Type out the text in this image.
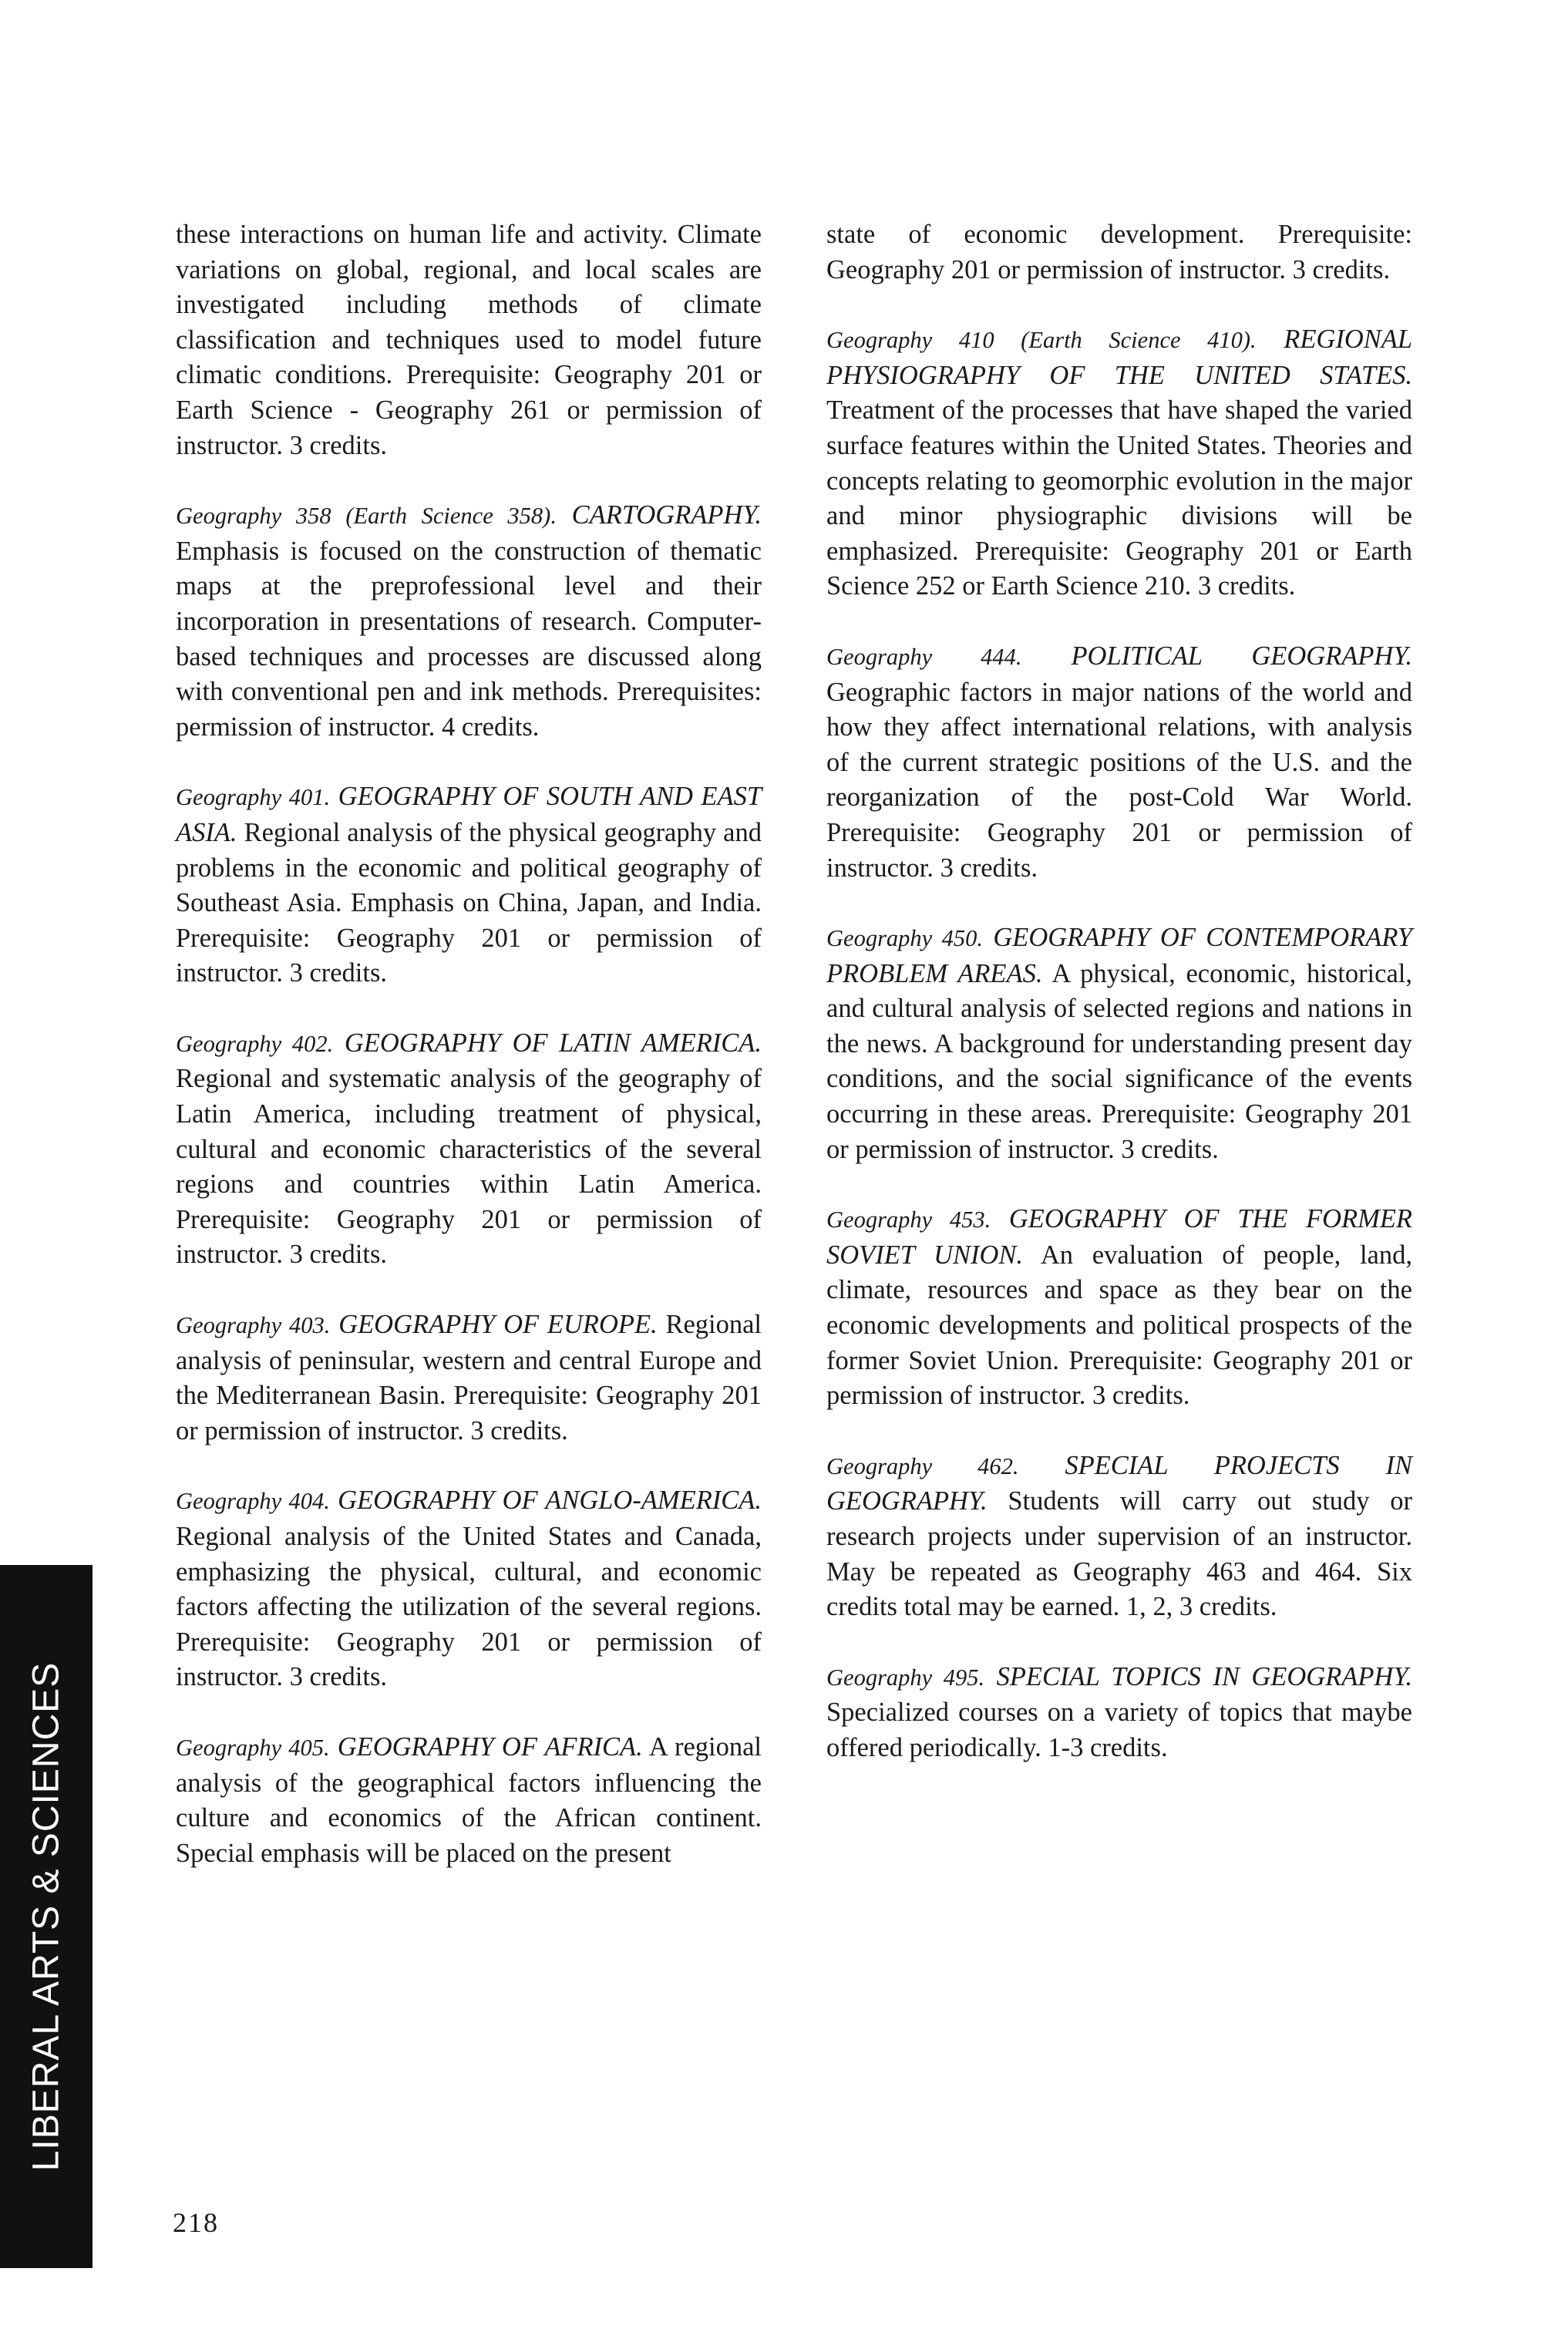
these interactions on human life and activity. Climate variations on global, regional, and local scales are investigated including methods of climate classification and techniques used to model future climatic conditions. Prerequisite: Geography 201 or Earth Science - Geography 261 or permission of instructor. 3 credits.

Geography 358 (Earth Science 358). CARTOGRAPHY. Emphasis is focused on the construction of thematic maps at the preprofessional level and their incorporation in presentations of research. Computer-based techniques and processes are discussed along with conventional pen and ink methods. Prerequisites: permission of instructor. 4 credits.

Geography 401. GEOGRAPHY OF SOUTH AND EAST ASIA. Regional analysis of the physical geography and problems in the economic and political geography of Southeast Asia. Emphasis on China, Japan, and India. Prerequisite: Geography 201 or permission of instructor. 3 credits.

Geography 402. GEOGRAPHY OF LATIN AMERICA. Regional and systematic analysis of the geography of Latin America, including treatment of physical, cultural and economic characteristics of the several regions and countries within Latin America. Prerequisite: Geography 201 or permission of instructor. 3 credits.

Geography 403. GEOGRAPHY OF EUROPE. Regional analysis of peninsular, western and central Europe and the Mediterranean Basin. Prerequisite: Geography 201 or permission of instructor. 3 credits.

Geography 404. GEOGRAPHY OF ANGLO-AMERICA. Regional analysis of the United States and Canada, emphasizing the physical, cultural, and economic factors affecting the utilization of the several regions. Prerequisite: Geography 201 or permission of instructor. 3 credits.

Geography 405. GEOGRAPHY OF AFRICA. A regional analysis of the geographical factors influencing the culture and economics of the African continent. Special emphasis will be placed on the present

state of economic development. Prerequisite: Geography 201 or permission of instructor. 3 credits.

Geography 410 (Earth Science 410). REGIONAL PHYSIOGRAPHY OF THE UNITED STATES. Treatment of the processes that have shaped the varied surface features within the United States. Theories and concepts relating to geomorphic evolution in the major and minor physiographic divisions will be emphasized. Prerequisite: Geography 201 or Earth Science 252 or Earth Science 210. 3 credits.

Geography 444. POLITICAL GEOGRAPHY. Geographic factors in major nations of the world and how they affect international relations, with analysis of the current strategic positions of the U.S. and the reorganization of the post-Cold War World. Prerequisite: Geography 201 or permission of instructor. 3 credits.

Geography 450. GEOGRAPHY OF CONTEMPORARY PROBLEM AREAS. A physical, economic, historical, and cultural analysis of selected regions and nations in the news. A background for understanding present day conditions, and the social significance of the events occurring in these areas. Prerequisite: Geography 201 or permission of instructor. 3 credits.

Geography 453. GEOGRAPHY OF THE FORMER SOVIET UNION. An evaluation of people, land, climate, resources and space as they bear on the economic developments and political prospects of the former Soviet Union. Prerequisite: Geography 201 or permission of instructor. 3 credits.

Geography 462. SPECIAL PROJECTS IN GEOGRAPHY. Students will carry out study or research projects under supervision of an instructor. May be repeated as Geography 463 and 464. Six credits total may be earned. 1, 2, 3 credits.

Geography 495. SPECIAL TOPICS IN GEOGRAPHY. Specialized courses on a variety of topics that maybe offered periodically. 1-3 credits.

LIBERAL ARTS & SCIENCES
218
